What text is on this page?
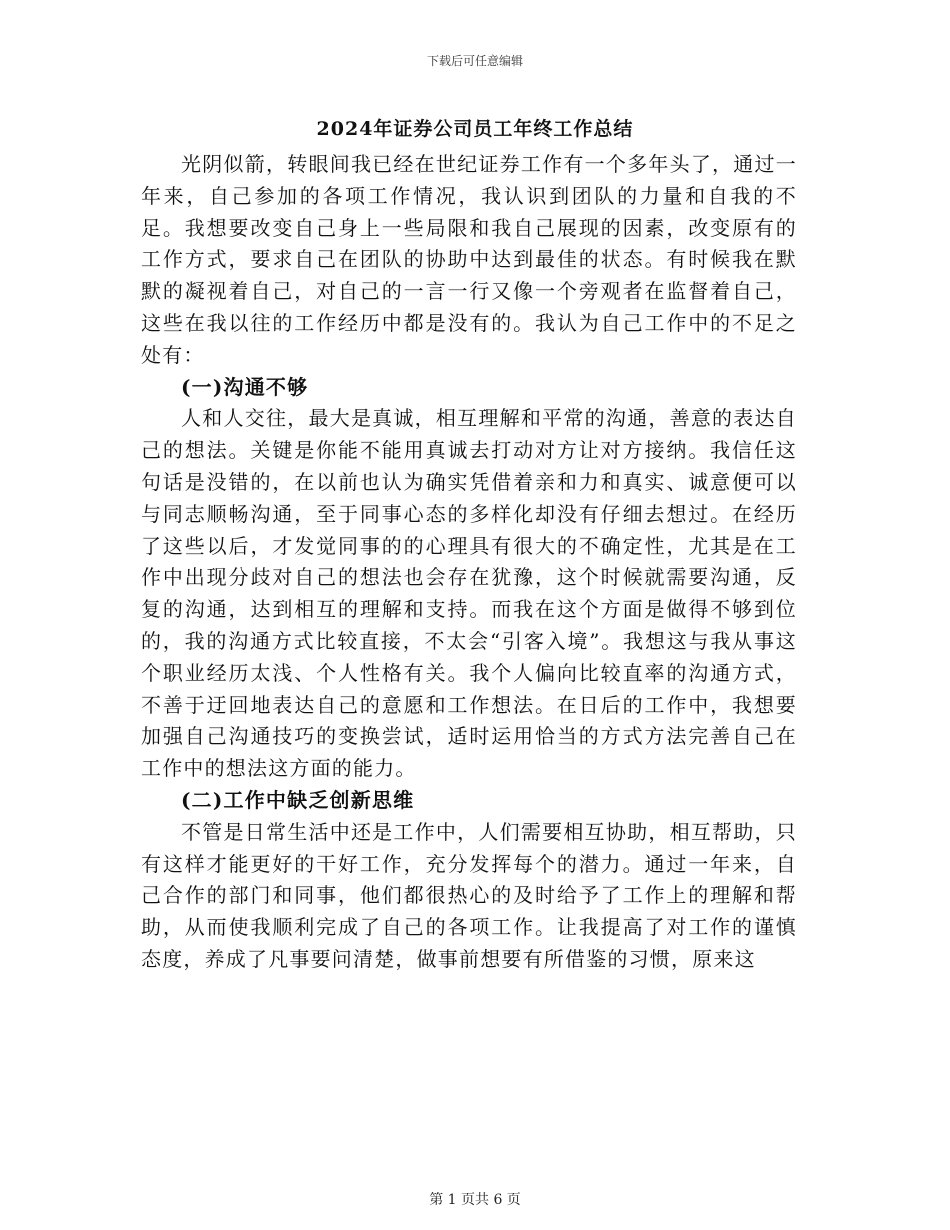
下载后可任意编辑
2024年证券公司员工年终工作总结

光阴似箭，转眼间我已经在世纪证券工作有一个多年头了，通过一年来，自己参加的各项工作情况，我认识到团队的力量和自我的不足。我想要改变自己身上一些局限和我自己展现的因素，改变原有的工作方式，要求自己在团队的协助中达到最佳的状态。有时候我在默默的凝视着自己，对自己的一言一行又像一个旁观者在监督着自己，这些在我以往的工作经历中都是没有的。我认为自己工作中的不足之处有：

(一)沟通不够

人和人交往，最大是真诚，相互理解和平常的沟通，善意的表达自己的想法。关键是你能不能用真诚去打动对方让对方接纳。我信任这句话是没错的，在以前也认为确实凭借着亲和力和真实、诚意便可以与同志顺畅沟通，至于同事心态的多样化却没有仔细去想过。在经历了这些以后，才发觉同事的的心理具有很大的不确定性，尤其是在工作中出现分歧对自己的想法也会存在犹豫，这个时候就需要沟通，反复的沟通，达到相互的理解和支持。而我在这个方面是做得不够到位的，我的沟通方式比较直接，不太会“引客入境”。我想这与我从事这个职业经历太浅、个人性格有关。我个人偏向比较直率的沟通方式，不善于迂回地表达自己的意愿和工作想法。在日后的工作中，我想要加强自己沟通技巧的变换尝试，适时运用恰当的方式方法完善自己在工作中的想法这方面的能力。

(二)工作中缺乏创新思维

不管是日常生活中还是工作中，人们需要相互协助，相互帮助，只有这样才能更好的干好工作，充分发挥每个的潜力。通过一年来，自己合作的部门和同事，他们都很热心的及时给予了工作上的理解和帮助，从而使我顺利完成了自己的各项工作。让我提高了对工作的谨慎态度，养成了凡事要问清楚，做事前想要有所借鉴的习惯，原来这

第 1 页共 6 页
